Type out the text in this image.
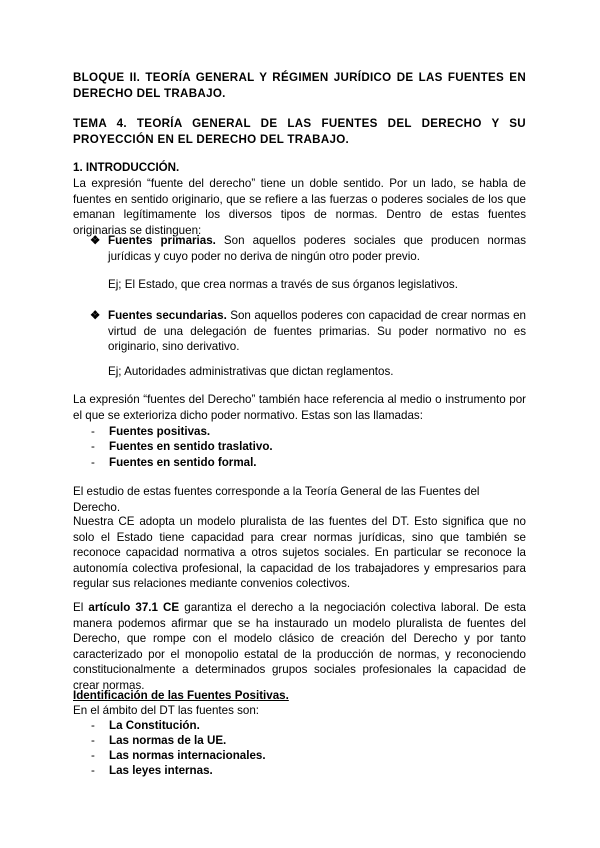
BLOQUE II. TEORÍA GENERAL Y RÉGIMEN JURÍDICO DE LAS FUENTES EN DERECHO DEL TRABAJO.
TEMA 4. TEORÍA GENERAL DE LAS FUENTES DEL DERECHO Y SU PROYECCIÓN EN EL DERECHO DEL TRABAJO.
1. INTRODUCCIÓN.
La expresión “fuente del derecho” tiene un doble sentido. Por un lado, se habla de fuentes en sentido originario, que se refiere a las fuerzas o poderes sociales de los que emanan legítimamente los diversos tipos de normas. Dentro de estas fuentes originarias se distinguen:
❖ Fuentes primarias. Son aquellos poderes sociales que producen normas jurídicas y cuyo poder no deriva de ningún otro poder previo.
Ej; El Estado, que crea normas a través de sus órganos legislativos.
❖ Fuentes secundarias. Son aquellos poderes con capacidad de crear normas en virtud de una delegación de fuentes primarias. Su poder normativo no es originario, sino derivativo.
Ej; Autoridades administrativas que dictan reglamentos.
La expresión “fuentes del Derecho” también hace referencia al medio o instrumento por el que se exterioriza dicho poder normativo. Estas son las llamadas:
- Fuentes positivas.
- Fuentes en sentido traslativo.
- Fuentes en sentido formal.
El estudio de estas fuentes corresponde a la Teoría General de las Fuentes del Derecho.
Nuestra CE adopta un modelo pluralista de las fuentes del DT. Esto significa que no solo el Estado tiene capacidad para crear normas jurídicas, sino que también se reconoce capacidad normativa a otros sujetos sociales. En particular se reconoce la autonomía colectiva profesional, la capacidad de los trabajadores y empresarios para regular sus relaciones mediante convenios colectivos.
El artículo 37.1 CE garantiza el derecho a la negociación colectiva laboral. De esta manera podemos afirmar que se ha instaurado un modelo pluralista de fuentes del Derecho, que rompe con el modelo clásico de creación del Derecho y por tanto caracterizado por el monopolio estatal de la producción de normas, y reconociendo constitucionalmente a determinados grupos sociales profesionales la capacidad de crear normas.
Identificación de las Fuentes Positivas.
En el ámbito del DT las fuentes son:
- La Constitución.
- Las normas de la UE.
- Las normas internacionales.
- Las leyes internas.
